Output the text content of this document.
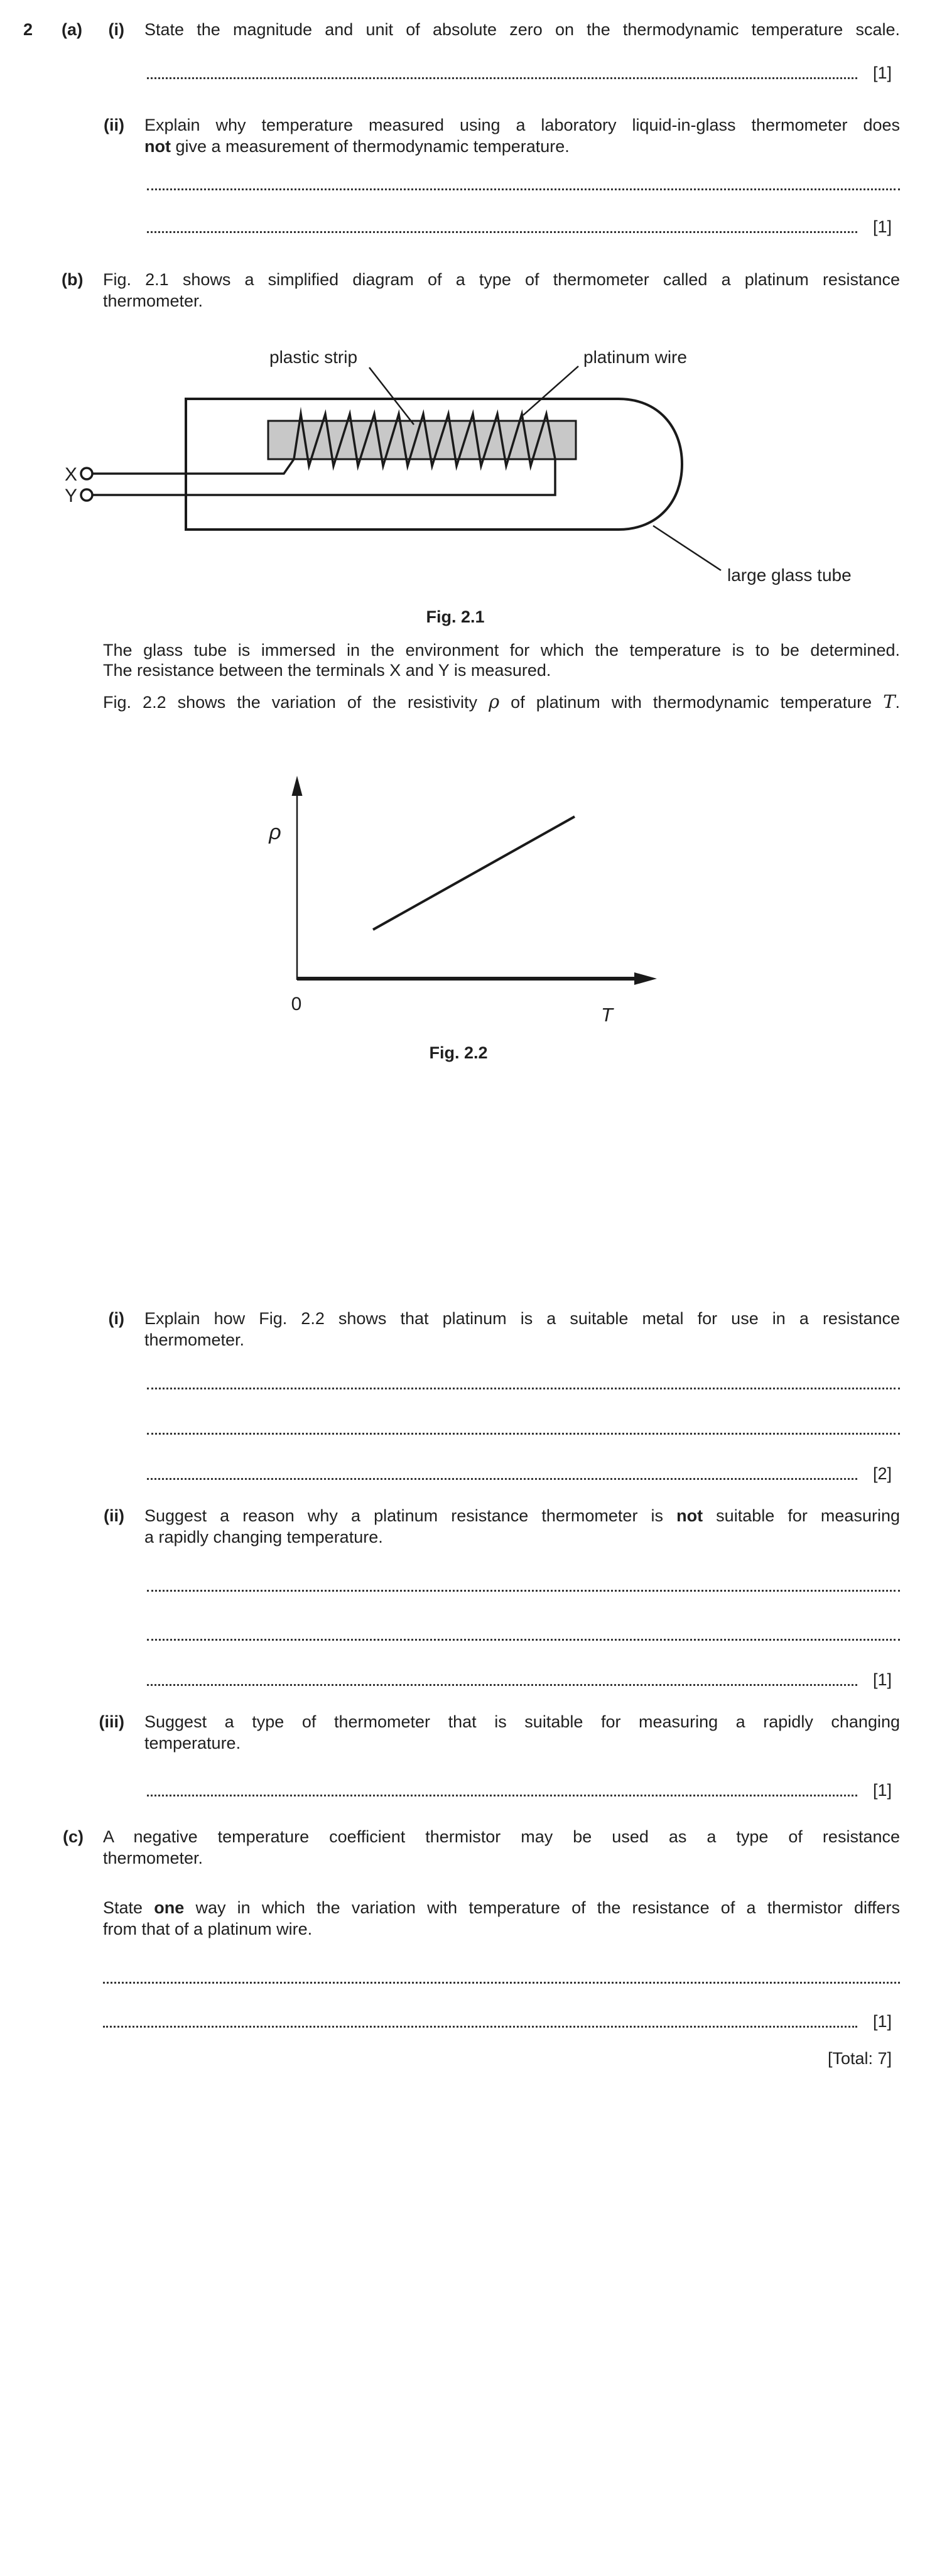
2 (a)	(i) State the magnitude and unit of absolute zero on the thermodynamic temperature scale.
[1]
(ii) Explain why temperature measured using a laboratory liquid-in-glass thermometer does
not give a measurement of thermodynamic temperature.
[1]
(b) Fig. 2.1 shows a simplified diagram of a type of thermometer called a platinum resistance
thermometer.
X
Y
plastic strip	platinum wire
large glass tube
Fig. 2.1
The glass tube is immersed in the environment for which the temperature is to be determined.
The resistance between the terminals X and Y is measured.
Fig. 2.2 shows the variation of the resistivity ρ of platinum with thermodynamic temperature T.
ρ
0	T
Fig. 2.2
(i) Explain how Fig. 2.2 shows that platinum is a suitable metal for use in a resistance
thermometer.
[2]
(ii) Suggest a reason why a platinum resistance thermometer is not suitable for measuring
a rapidly changing temperature.
[1]
(iii) Suggest a type of thermometer that is suitable for measuring a rapidly changing
temperature.
[1]
(c) A negative temperature coefficient thermistor may be used as a type of resistance
thermometer.
State one way in which the variation with temperature of the resistance of a thermistor differs
from that of a platinum wire.
[1]
[Total: 7]
